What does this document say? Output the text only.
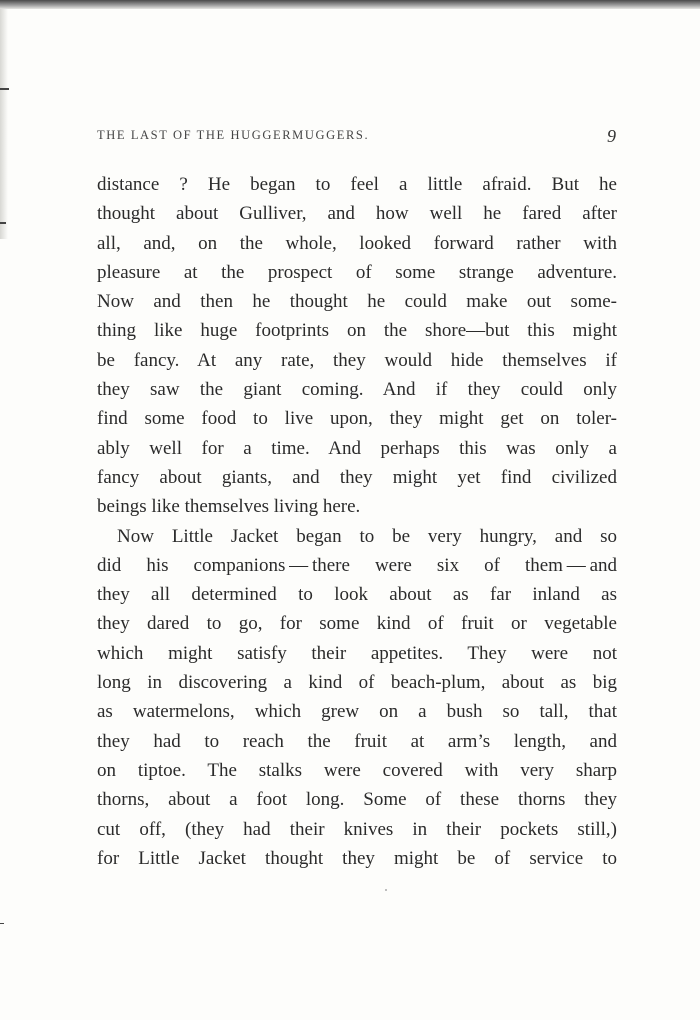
THE LAST OF THE HUGGERMUGGERS.	9
distance ? He began to feel a little afraid. But he
thought about Gulliver, and how well he fared after
all, and, on the whole, looked forward rather with
pleasure at the prospect of some strange adventure.
Now and then he thought he could make out some-
thing like huge footprints on the shore—but this might
be fancy. At any rate, they would hide themselves if
they saw the giant coming. And if they could only
find some food to live upon, they might get on toler-
ably well for a time. And perhaps this was only a
fancy about giants, and they might yet find civilized
beings like themselves living here.
Now Little Jacket began to be very hungry, and so
did his companions — there were six of them — and
they all determined to look about as far inland as
they dared to go, for some kind of fruit or vegetable
which might satisfy their appetites. They were not
long in discovering a kind of beach-plum, about as big
as watermelons, which grew on a bush so tall, that
they had to reach the fruit at arm’s length, and
on tiptoe. The stalks were covered with very sharp
thorns, about a foot long. Some of these thorns they
cut off, (they had their knives in their pockets still,)
for Little Jacket thought they might be of service to
